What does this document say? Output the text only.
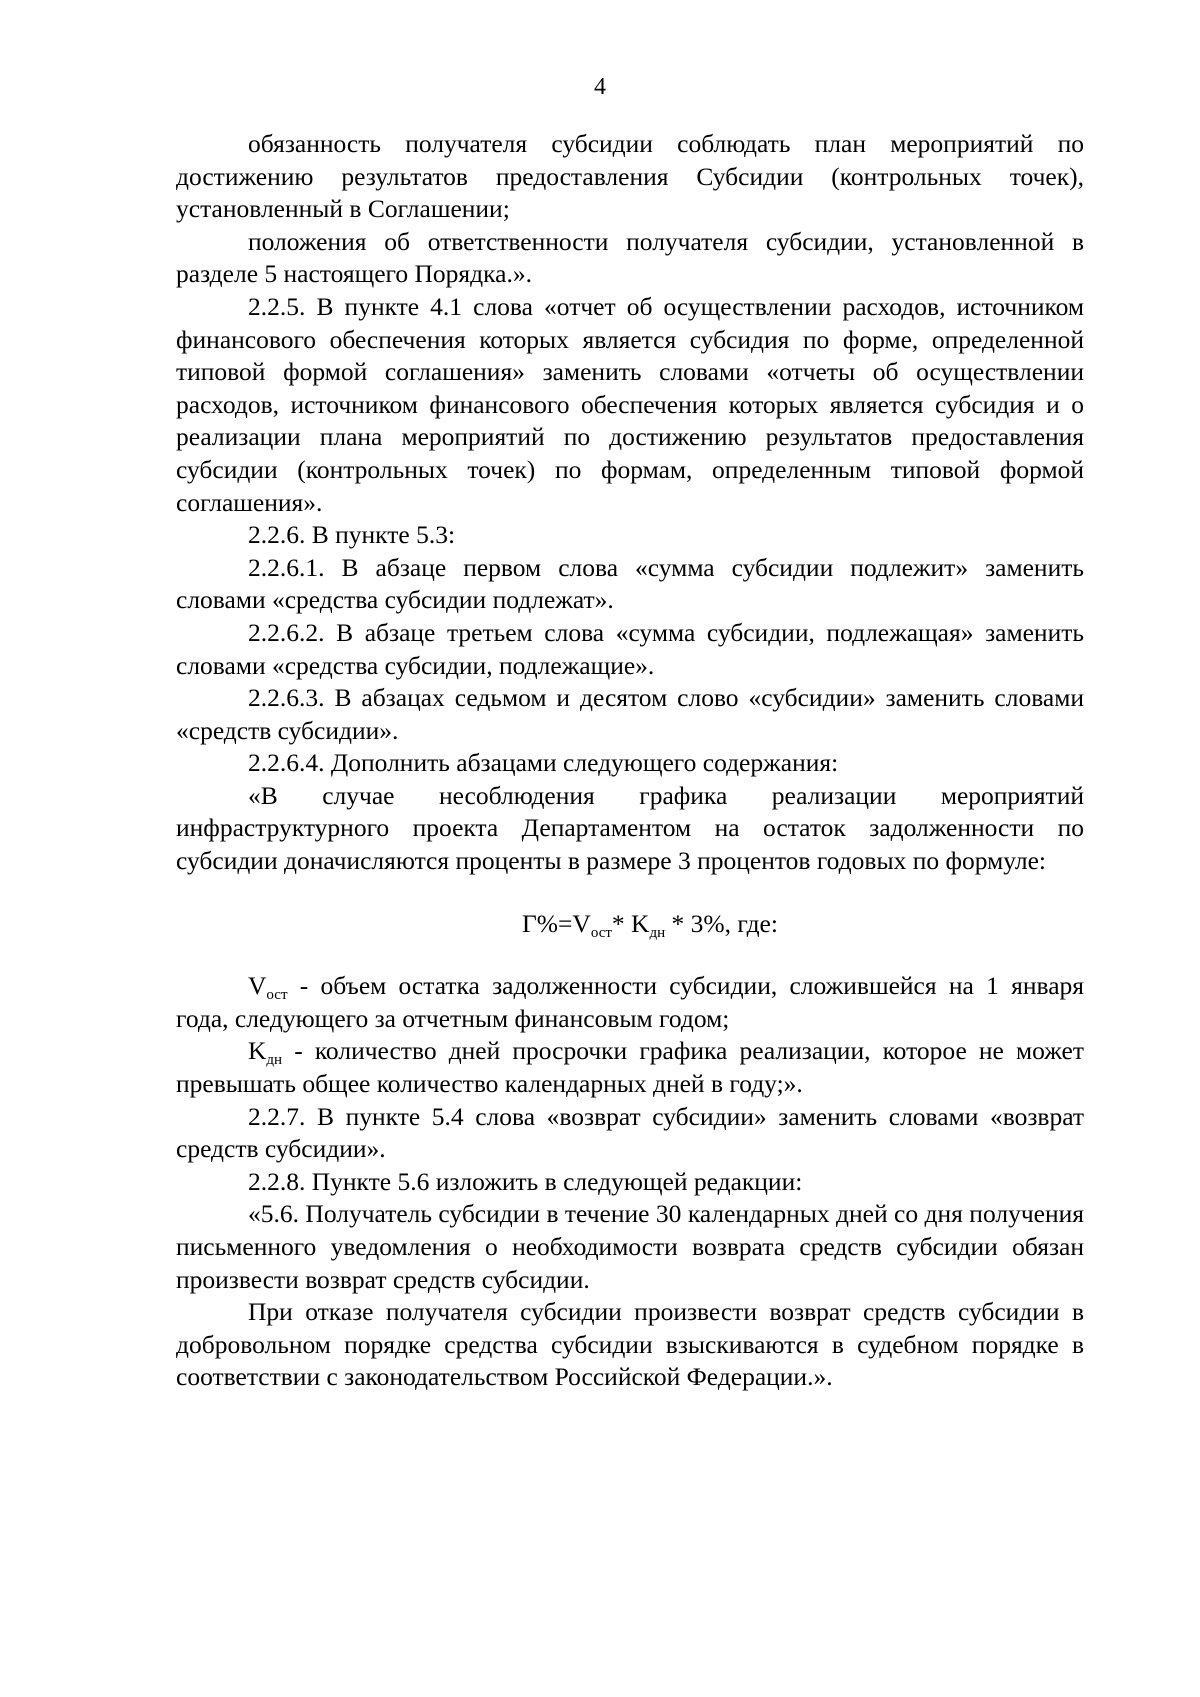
4

обязанность получателя субсидии соблюдать план мероприятий по достижению результатов предоставления Субсидии (контрольных точек), установленный в Соглашении;

положения об ответственности получателя субсидии, установленной в разделе 5 настоящего Порядка.».

2.2.5. В пункте 4.1 слова «отчет об осуществлении расходов, источником финансового обеспечения которых является субсидия по форме, определенной типовой формой соглашения» заменить словами «отчеты об осуществлении расходов, источником финансового обеспечения которых является субсидия и о реализации плана мероприятий по достижению результатов предоставления субсидии (контрольных точек) по формам, определенным типовой формой соглашения».

2.2.6. В пункте 5.3:

2.2.6.1. В абзаце первом слова «сумма субсидии подлежит» заменить словами «средства субсидии подлежат».

2.2.6.2. В абзаце третьем слова «сумма субсидии, подлежащая» заменить словами «средства субсидии, подлежащие».

2.2.6.3. В абзацах седьмом и десятом слово «субсидии» заменить словами «средств субсидии».

2.2.6.4. Дополнить абзацами следующего содержания:

«В случае несоблюдения графика реализации мероприятий инфраструктурного проекта Департаментом на остаток задолженности по субсидии доначисляются проценты в размере 3 процентов годовых по формуле:

$Г\%=V_{ост}*$ $K_{дн} * 3\%$, где:

$V_{ост}$ - объем остатка задолженности субсидии, сложившейся на 1 января года, следующего за отчетным финансовым годом;

$K_{дн}$ - количество дней просрочки графика реализации, которое не может превышать общее количество календарных дней в году;».

2.2.7. В пункте 5.4 слова «возврат субсидии» заменить словами «возврат средств субсидии».

2.2.8. Пункте 5.6 изложить в следующей редакции:

«5.6. Получатель субсидии в течение 30 календарных дней со дня получения письменного уведомления о необходимости возврата средств субсидии обязан произвести возврат средств субсидии.

При отказе получателя субсидии произвести возврат средств субсидии в добровольном порядке средства субсидии взыскиваются в судебном порядке в соответствии с законодательством Российской Федерации.».
